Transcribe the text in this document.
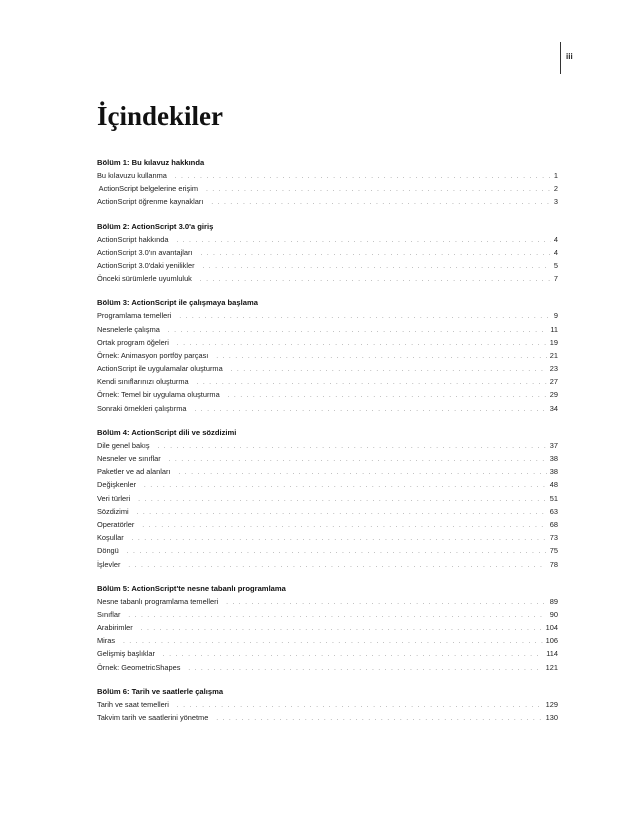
iii
İçindekiler
Bölüm 1: Bu kılavuz hakkında
Bu kılavuzu kullanma . . .	1
ActionScript belgelerine erişim . . .	2
ActionScript öğrenme kaynakları . . .	3
Bölüm 2: ActionScript 3.0'a giriş
ActionScript hakkında . . .	4
ActionScript 3.0'ın avantajları . . .	4
ActionScript 3.0'daki yenilikler . . .	5
Önceki sürümlerle uyumluluk . . .	7
Bölüm 3: ActionScript ile çalışmaya başlama
Programlama temelleri . . .	9
Nesnelerle çalışma . . .	11
Ortak program öğeleri . . .	19
Örnek: Animasyon portföy parçası . . .	21
ActionScript ile uygulamalar oluşturma . . .	23
Kendi sınıflarınızı oluşturma . . .	27
Örnek: Temel bir uygulama oluşturma . . .	29
Sonraki örnekleri çalıştırma . . .	34
Bölüm 4: ActionScript dili ve sözdizimi
Dile genel bakış . . .	37
Nesneler ve sınıflar . . .	38
Paketler ve ad alanları . . .	38
Değişkenler . . .	48
Veri türleri . . .	51
Sözdizimi . . .	63
Operatörler . . .	68
Koşullar . . .	73
Döngü . . .	75
İşlevler . . .	78
Bölüm 5: ActionScript'te nesne tabanlı programlama
Nesne tabanlı programlama temelleri . . .	89
Sınıflar . . .	90
Arabirimler . . .	104
Miras . . .	106
Gelişmiş başlıklar . . .	114
Örnek: GeometricShapes . . .	121
Bölüm 6: Tarih ve saatlerle çalışma
Tarih ve saat temelleri . . .	129
Takvim tarih ve saatlerini yönetme . . .	130
